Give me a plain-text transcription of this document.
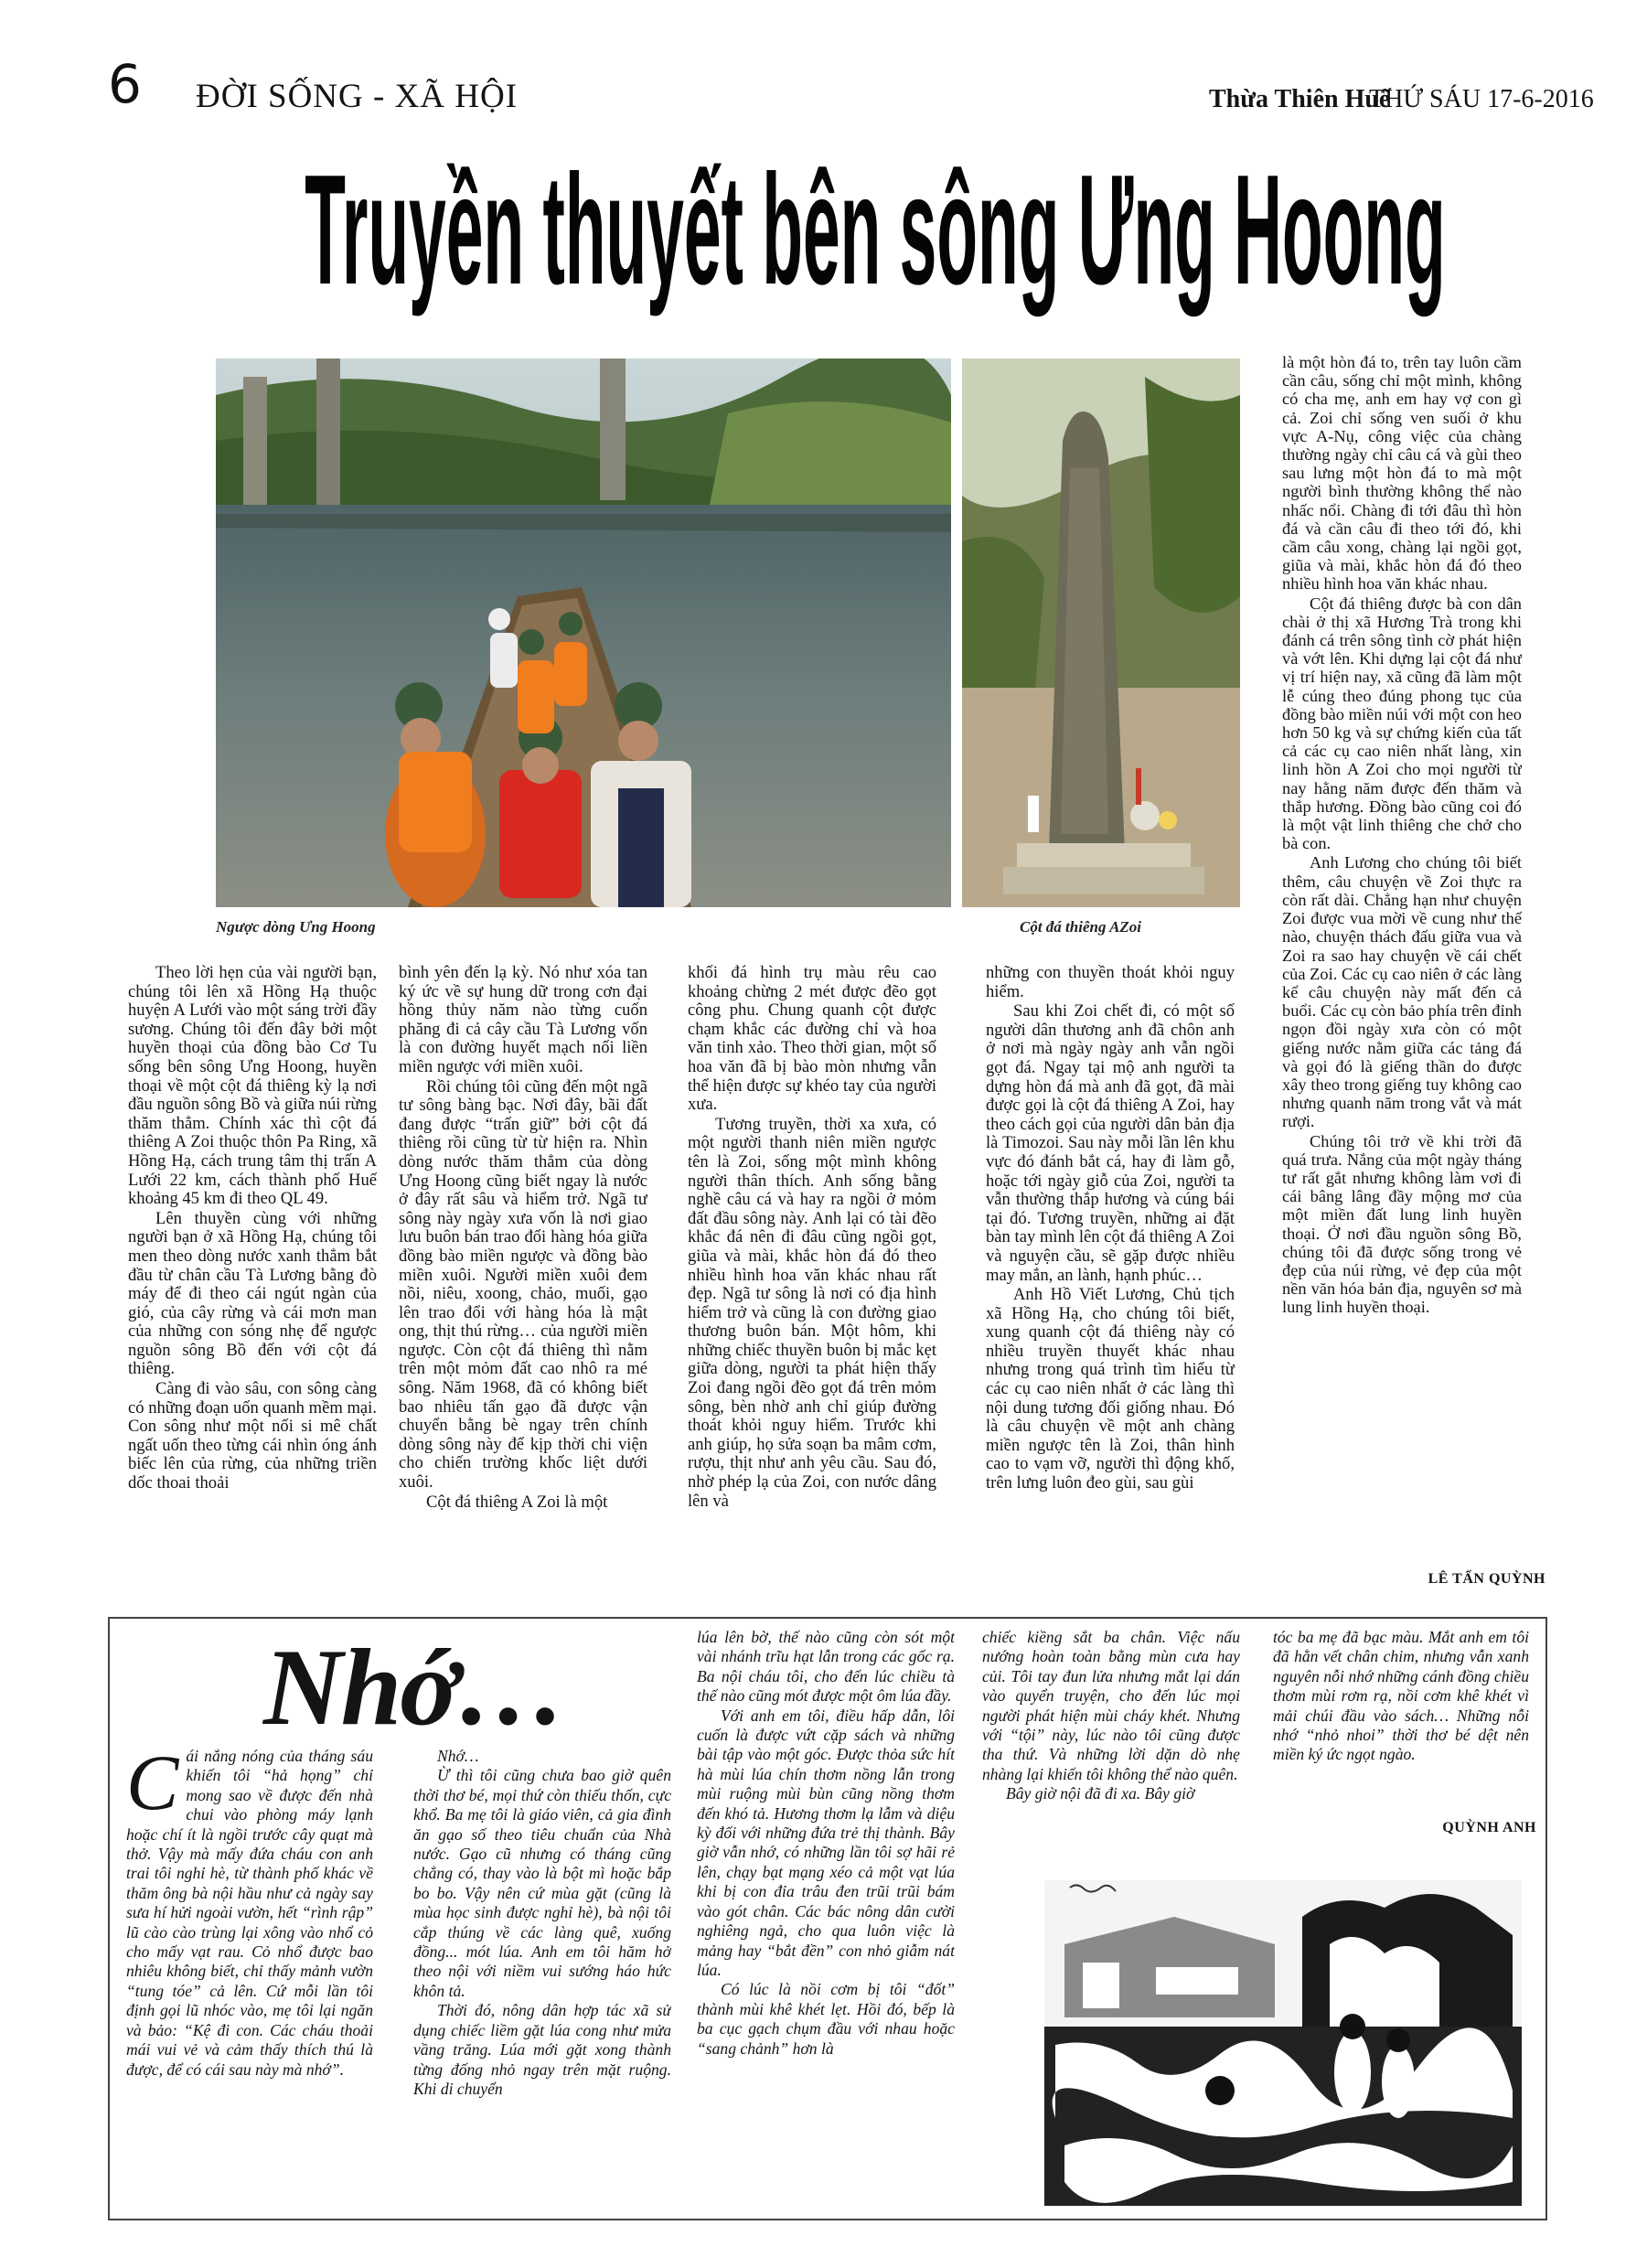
6 ĐỜI SỐNG - XÃ HỘI	Thừa Thiên Huế
THỨ SÁU 17-6-2016
Truyền thuyết bên sông Ưng Hoong
Ngược dòng Ưng Hoong	Cột đá thiêng AZoi

Theo lời hẹn của vài người bạn, chúng tôi lên xã Hồng Hạ thuộc huyện A Lưới vào một sáng trời đầy sương. Chúng tôi đến đây bởi một huyền thoại của đồng bào Cơ Tu sống bên sông Ưng Hoong, huyền thoại về một cột đá thiêng kỳ lạ nơi đầu nguồn sông Bồ và giữa núi rừng thăm thẳm. Chính xác thì cột đá thiêng A Zoi thuộc thôn Pa Ring, xã Hồng Hạ, cách trung tâm thị trấn A Lưới 22 km, cách thành phố Huế khoảng 45 km đi theo QL 49.

Lên thuyền cùng với những người bạn ở xã Hồng Hạ, chúng tôi men theo dòng nước xanh thẳm bắt đầu từ chân cầu Tà Lương bằng đò máy để đi theo cái ngút ngàn của gió, của cây rừng và cái mơn man của những con sóng nhẹ để ngược nguồn sông Bồ đến với cột đá thiêng.

Càng đi vào sâu, con sông càng có những đoạn uốn quanh mềm mại. Con sông như một nối si mê chất ngất uốn theo từng cái nhìn óng ánh biếc lên của rừng, của những triền dốc thoai thoải

bình yên đến lạ kỳ. Nó như xóa tan ký ức về sự hung dữ trong cơn đại hồng thủy năm nào từng cuốn phăng đi cả cây cầu Tà Lương vốn là con đường huyết mạch nối liền miền ngược với miền xuôi.

Rồi chúng tôi cũng đến một ngã tư sông bàng bạc. Nơi đây, bãi đất đang được “trấn giữ” bởi cột đá thiêng rồi cũng từ từ hiện ra. Nhìn dòng nước thăm thẳm của dòng Ưng Hoong cũng biết ngay là nước ở đây rất sâu và hiểm trở. Ngã tư sông này ngày xưa vốn là nơi giao lưu buôn bán trao đổi hàng hóa giữa đồng bào miền ngược và đồng bào miền xuôi. Người miền xuôi đem nồi, niêu, xoong, chảo, muối, gạo lên trao đổi với hàng hóa là mật ong, thịt thú rừng… của người miền ngược. Còn cột đá thiêng thì nằm trên một mỏm đất cao nhô ra mé sông. Năm 1968, đã có không biết bao nhiêu tấn gạo đã được vận chuyển bằng bè ngay trên chính dòng sông này để kịp thời chi viện cho chiến trường khốc liệt dưới xuôi.

Cột đá thiêng A Zoi là một

khối đá hình trụ màu rêu cao khoảng chừng 2 mét được đẽo gọt công phu. Chung quanh cột được chạm khắc các đường chỉ và hoa văn tinh xảo. Theo thời gian, một số hoa văn đã bị bào mòn nhưng vẫn thể hiện được sự khéo tay của người xưa.

Tương truyền, thời xa xưa, có một người thanh niên miền ngược tên là Zoi, sống một mình không người thân thích. Anh sống bằng nghề câu cá và hay ra ngồi ở mỏm đất đầu sông này. Anh lại có tài đẽo khắc đá nên đi đâu cũng ngồi gọt, giũa và mài, khắc hòn đá đó theo nhiều hình hoa văn khác nhau rất đẹp. Ngã tư sông là nơi có địa hình hiểm trở và cũng là con đường giao thương buôn bán. Một hôm, khi những chiếc thuyền buôn bị mắc kẹt giữa dòng, người ta phát hiện thấy Zoi đang ngồi đẽo gọt đá trên mỏm sông, bèn nhờ anh chỉ giúp đường thoát khỏi nguy hiểm. Trước khi anh giúp, họ sửa soạn ba mâm cơm, rượu, thịt như anh yêu cầu. Sau đó, nhờ phép lạ của Zoi, con nước dâng lên và

những con thuyền thoát khỏi nguy hiểm.

Sau khi Zoi chết đi, có một số người dân thương anh đã chôn anh ở nơi mà ngày ngày anh vẫn ngồi gọt đá. Ngay tại mộ anh người ta dựng hòn đá mà anh đã gọt, đã mài được gọi là cột đá thiêng A Zoi, hay theo cách gọi của người dân bản địa là Timozoi. Sau này mỗi lần lên khu vực đó đánh bắt cá, hay đi làm gỗ, hoặc tới ngày giỗ của Zoi, người ta vẫn thường thắp hương và cúng bái tại đó. Tương truyền, những ai đặt bàn tay mình lên cột đá thiêng A Zoi và nguyện cầu, sẽ gặp được nhiều may mắn, an lành, hạnh phúc…

Anh Hồ Viết Lương, Chủ tịch xã Hồng Hạ, cho chúng tôi biết, xung quanh cột đá thiêng này có nhiều truyền thuyết khác nhau nhưng trong quá trình tìm hiểu từ các cụ cao niên nhất ở các làng thì nội dung tương đối giống nhau. Đó là câu chuyện về một anh chàng miền ngược tên là Zoi, thân hình cao to vạm vỡ, người thì động khố, trên lưng luôn đeo gùi, sau gùi

là một hòn đá to, trên tay luôn cầm cần câu, sống chỉ một mình, không có cha mẹ, anh em hay vợ con gì cả. Zoi chỉ sống ven suối ở khu vực A-Nụ, công việc của chàng thường ngày chỉ câu cá và gùi theo sau lưng một hòn đá to mà một người bình thường không thể nào nhấc nổi. Chàng đi tới đâu thì hòn đá và cần câu đi theo tới đó, khi cầm câu xong, chàng lại ngồi gọt, giũa và mài, khắc hòn đá đó theo nhiều hình hoa văn khác nhau.

Cột đá thiêng được bà con dân chài ở thị xã Hương Trà trong khi đánh cá trên sông tình cờ phát hiện và vớt lên. Khi dựng lại cột đá như vị trí hiện nay, xã cũng đã làm một lễ cúng theo đúng phong tục của đồng bào miền núi với một con heo hơn 50 kg và sự chứng kiến của tất cả các cụ cao niên nhất làng, xin linh hồn A Zoi cho mọi người từ nay hằng năm được đến thăm và thắp hương. Đồng bào cũng coi đó là một vật linh thiêng che chở cho bà con.

Anh Lương cho chúng tôi biết thêm, câu chuyện về Zoi thực ra còn rất dài. Chẳng hạn như chuyện Zoi được vua mời về cung như thế nào, chuyện thách đấu giữa vua và Zoi ra sao hay chuyện về cái chết của Zoi. Các cụ cao niên ở các làng kể câu chuyện này mất đến cả buổi. Các cụ còn bảo phía trên đỉnh ngọn đồi ngày xưa còn có một giếng nước nằm giữa các tảng đá và gọi đó là giếng thần do được xây theo trong giếng tuy không cao nhưng quanh năm trong vắt và mát rượi.

Chúng tôi trở về khi trời đã quá trưa. Nắng của một ngày tháng tư rất gắt nhưng không làm vơi đi cái bâng lâng đầy mộng mơ của một miền đất lung linh huyền thoại. Ở nơi đầu nguồn sông Bồ, chúng tôi đã được sống trong vẻ đẹp của núi rừng, vẻ đẹp của một nền văn hóa bản địa, nguyên sơ mà lung linh huyền thoại.

LÊ TẤN QUỲNH
Nhớ…
C ái nắng nóng của tháng sáu khiến tôi “hả họng” chỉ mong sao về được đến nhà chui vào phòng máy lạnh hoặc chí ít là ngồi trước cây quạt mà thở. Vậy mà mấy đứa cháu con anh trai tôi nghỉ hè, từ thành phố khác về thăm ông bà nội hầu như cả ngày say sưa hí hửi ngoài vườn, hết “rình rập” lũ cào cào trùng lại xông vào nhổ cỏ cho mấy vạt rau. Cỏ nhổ được bao nhiêu không biết, chỉ thấy mảnh vườn “tung tóe” cả lên. Cứ mỗi lần tôi định gọi lũ nhóc vào, mẹ tôi lại ngăn và bảo: “Kệ đi con. Các cháu thoải mái vui vẻ và cảm thấy thích thú là được, để có cái sau này mà nhớ”.

Nhớ…

Ừ thì tôi cũng chưa bao giờ quên thời thơ bé, mọi thứ còn thiếu thốn, cực khổ. Ba mẹ tôi là giáo viên, cả gia đình ăn gạo số theo tiêu chuẩn của Nhà nước. Gạo cũ nhưng có tháng cũng chẳng có, thay vào là bột mì hoặc bắp bo bo. Vậy nên cứ mùa gặt (cũng là mùa học sinh được nghỉ hè), bà nội tôi cắp thúng về các làng quê, xuống đồng... mót lúa. Anh em tôi hăm hở theo nội với niềm vui sướng háo hức khôn tả.

Thời đó, nông dân hợp tác xã sử dụng chiếc liềm gặt lúa cong như mửa vầng trăng. Lúa mới gặt xong thành từng đống nhỏ ngay trên mặt ruộng. Khi di chuyển

lúa lên bờ, thế nào cũng còn sót một vài nhánh trĩu hạt lẫn trong các gốc rạ. Ba nội cháu tôi, cho đến lúc chiều tà thế nào cũng mót được một ôm lúa đầy.

Với anh em tôi, điều hấp dẫn, lôi cuốn là được vứt cặp sách và những bài tập vào một góc. Được thỏa sức hít hà mùi lúa chín thơm nồng lẫn trong mùi ruộng mùi bùn cũng nồng thơm đến khó tả. Hương thơm lạ lẫm và diệu kỳ đối với những đứa trẻ thị thành. Bây giờ vẫn nhớ, có những lần tôi sợ hãi rẻ lên, chạy bạt mạng xéo cả một vạt lúa khi bị con đỉa trâu đen trũi trũi bám vào gót chân. Các bác nông dân cười nghiêng ngả, cho qua luôn việc là mảng hay “bắt đền” con nhỏ giẫm nát lúa.

Có lúc là nồi cơm bị tôi “đốt” thành mùi khê khét lẹt. Hồi đó, bếp là ba cục gạch chụm đầu với nhau hoặc “sang chảnh” hơn là

chiếc kiềng sắt ba chân. Việc nấu nướng hoàn toàn bằng mùn cưa hay củi. Tôi tay đun lửa nhưng mắt lại dán vào quyển truyện, cho đến lúc mọi người phát hiện mùi cháy khét. Nhưng với “tội” này, lúc nào tôi cũng được tha thứ. Và những lời dặn dò nhẹ nhàng lại khiến tôi không thể nào quên.

Bây giờ nội đã đi xa. Bây giờ

tóc ba mẹ đã bạc màu. Mắt anh em tôi đã hằn vết chân chim, nhưng vẫn xanh nguyên nỗi nhớ những cánh đồng chiều thơm mùi rơm rạ, nồi cơm khê khét vì mải chúi đầu vào sách… Những nỗi nhớ “nhỏ nhoi” thời thơ bé dệt nên miền ký ức ngọt ngào.

QUỲNH ANH
